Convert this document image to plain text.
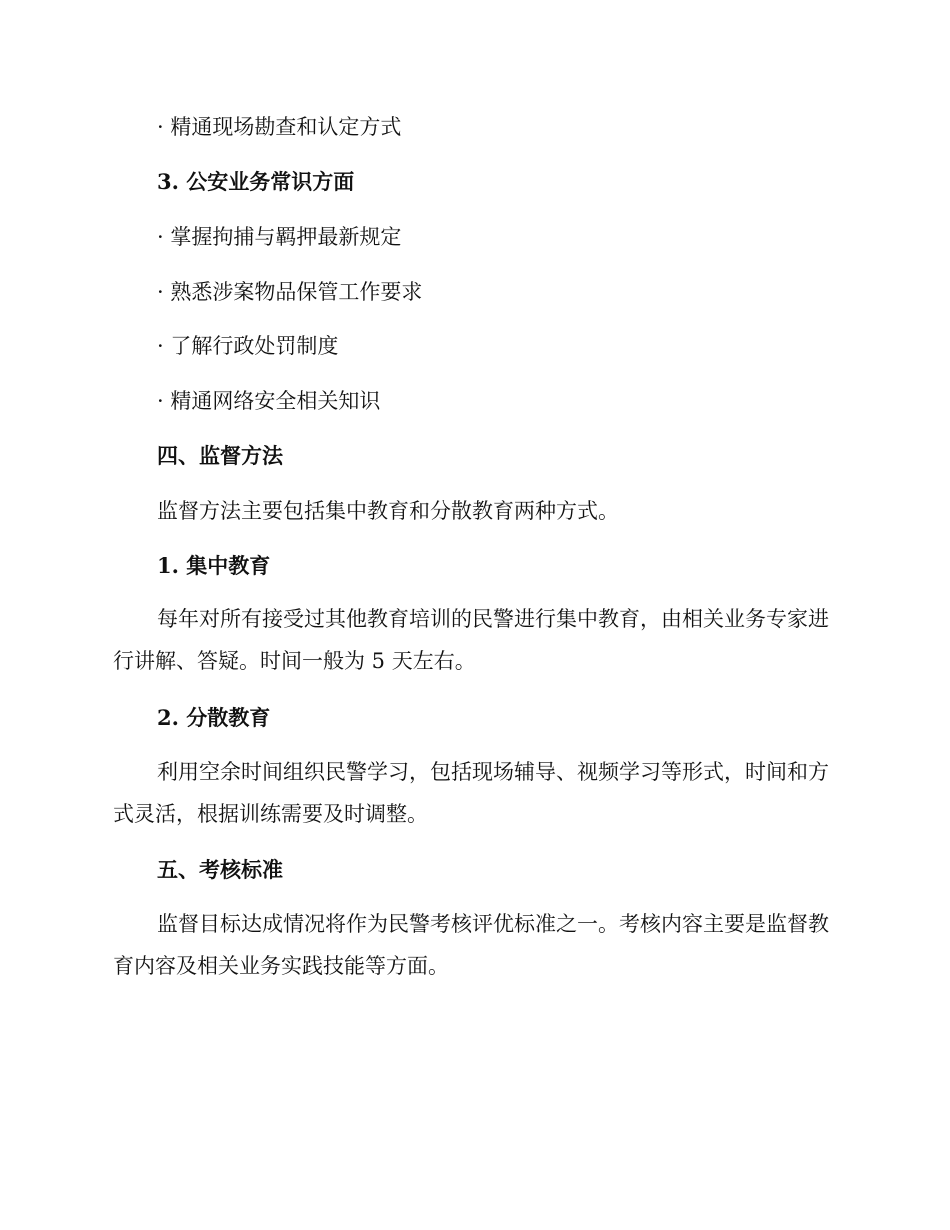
· 精通现场勘查和认定方式
3. 公安业务常识方面
· 掌握拘捕与羁押最新规定
· 熟悉涉案物品保管工作要求
· 了解行政处罚制度
· 精通网络安全相关知识
四、监督方法
监督方法主要包括集中教育和分散教育两种方式。
1. 集中教育
每年对所有接受过其他教育培训的民警进行集中教育，由相关业务专家进行讲解、答疑。时间一般为 5 天左右。
2. 分散教育
利用空余时间组织民警学习，包括现场辅导、视频学习等形式，时间和方式灵活，根据训练需要及时调整。
五、考核标准
监督目标达成情况将作为民警考核评优标准之一。考核内容主要是监督教育内容及相关业务实践技能等方面。
